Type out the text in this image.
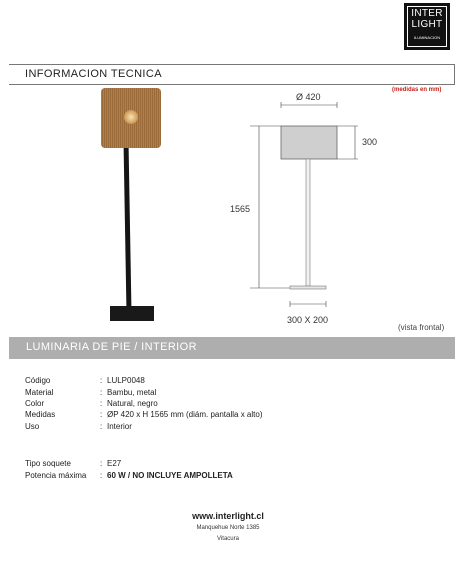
INTER
LIGHT
ILUMINACION
INFORMACION TECNICA
(medidas en mm)
Ø 420
300
1565
300 X 200
(vista frontal)
LUMINARIA DE PIE / INTERIOR
Código	: LULP0048
Material	: Bambu, metal
Color	: Natural, negro
Medidas	: ØP 420 x H 1565 mm (diám. pantalla x alto)
Uso	: Interior
Tipo soquete	: E27
Potencia máxima : 60 W / NO INCLUYE AMPOLLETA
www.interlight.cl
Manquehue Norte 1385
Vitacura
